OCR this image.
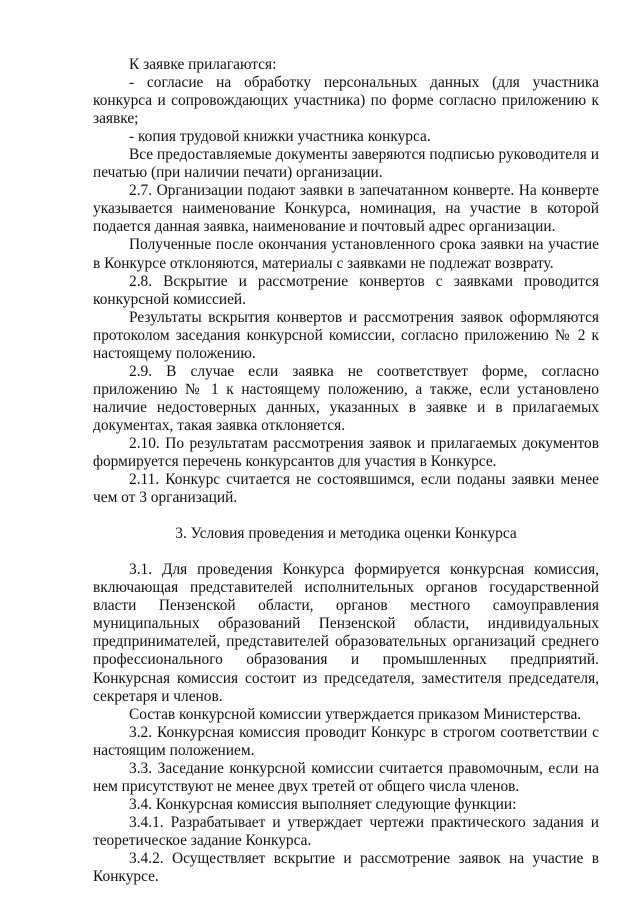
К заявке прилагаются:

- согласие на обработку персональных данных (для участника конкурса и сопровождающих участника) по форме согласно приложению к заявке;

- копия трудовой книжки участника конкурса.

Все предоставляемые документы заверяются подписью руководителя и печатью (при наличии печати) организации.

2.7. Организации подают заявки в запечатанном конверте. На конверте указывается наименование Конкурса, номинация, на участие в которой подается данная заявка, наименование и почтовый адрес организации.

Полученные после окончания установленного срока заявки на участие в Конкурсе отклоняются, материалы с заявками не подлежат возврату.

2.8. Вскрытие и рассмотрение конвертов с заявками проводится конкурсной комиссией.

Результаты вскрытия конвертов и рассмотрения заявок оформляются протоколом заседания конкурсной комиссии, согласно приложению № 2 к настоящему положению.

2.9. В случае если заявка не соответствует форме, согласно приложению № 1 к настоящему положению, а также, если установлено наличие недостоверных данных, указанных в заявке и в прилагаемых документах, такая заявка отклоняется.

2.10. По результатам рассмотрения заявок и прилагаемых документов формируется перечень конкурсантов для участия в Конкурсе.

2.11. Конкурс считается не состоявшимся, если поданы заявки менее чем от 3 организаций.

3. Условия проведения и методика оценки Конкурса

3.1. Для проведения Конкурса формируется конкурсная комиссия, включающая представителей исполнительных органов государственной власти Пензенской области, органов местного самоуправления муниципальных образований Пензенской области, индивидуальных предпринимателей, представителей образовательных организаций среднего профессионального образования и промышленных предприятий. Конкурсная комиссия состоит из председателя, заместителя председателя, секретаря и членов.

Состав конкурсной комиссии утверждается приказом Министерства.

3.2. Конкурсная комиссия проводит Конкурс в строгом соответствии с настоящим положением.

3.3. Заседание конкурсной комиссии считается правомочным, если на нем присутствуют не менее двух третей от общего числа членов.

3.4. Конкурсная комиссия выполняет следующие функции:

3.4.1. Разрабатывает и утверждает чертежи практического задания и теоретическое задание Конкурса.

3.4.2. Осуществляет вскрытие и рассмотрение заявок на участие в Конкурсе.
